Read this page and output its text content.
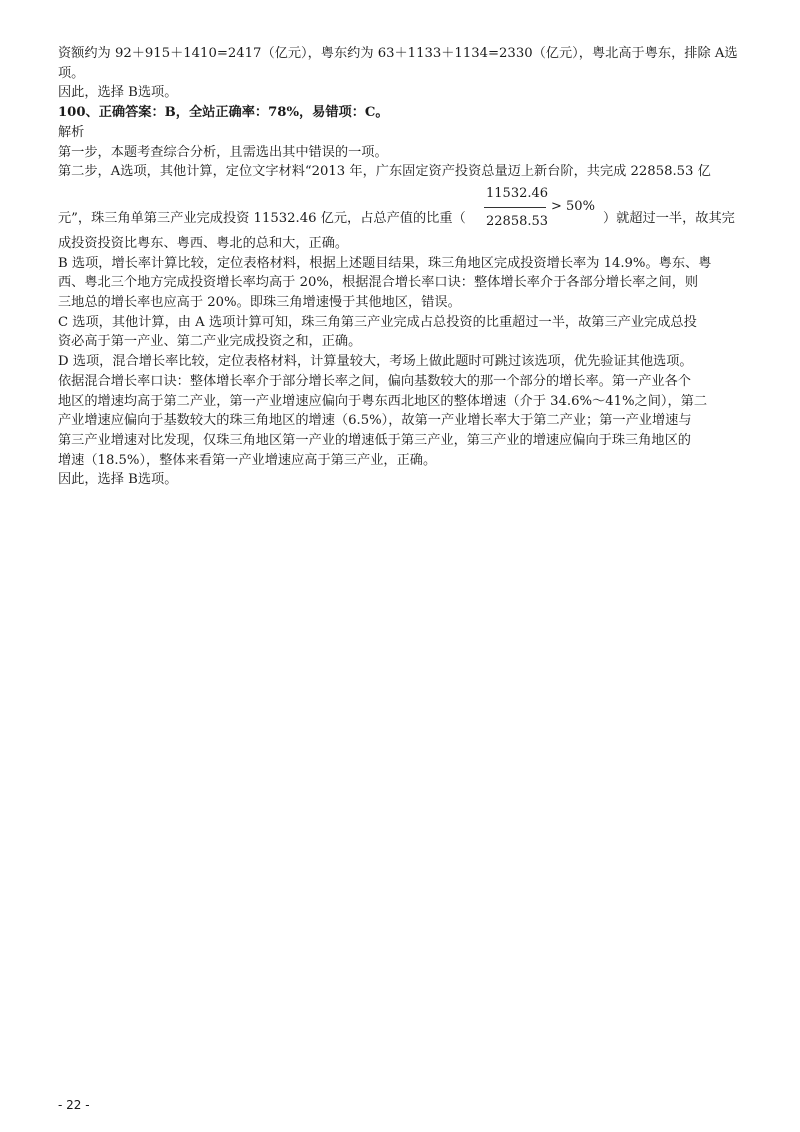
资额约为 92＋915＋1410=2417（亿元），粤东约为 63＋1133＋1134=2330（亿元），粤北高于粤东，排除 A选
项。
因此，选择 B选项。
100、正确答案：B，全站正确率：78%，易错项：C。
解析
第一步，本题考查综合分析，且需选出其中错误的一项。
第二步，A选项，其他计算，定位文字材料“2013 年，广东固定资产投资总量迈上新台阶，共完成 22858.53 亿
元”，珠三角单第三产业完成投资 11532.46 亿元，占总产值的比重（
11532.46
22858.53
> 50%
）就超过一半，故其完
成投资投资比粤东、粤西、粤北的总和大，正确。
B 选项，增长率计算比较，定位表格材料，根据上述题目结果，珠三角地区完成投资增长率为 14.9%。粤东、粤
西、粤北三个地方完成投资增长率均高于 20%，根据混合增长率口诀：整体增长率介于各部分增长率之间，则
三地总的增长率也应高于 20%。即珠三角增速慢于其他地区，错误。
C 选项，其他计算，由 A 选项计算可知，珠三角第三产业完成占总投资的比重超过一半，故第三产业完成总投
资必高于第一产业、第二产业完成投资之和，正确。
D 选项，混合增长率比较，定位表格材料，计算量较大，考场上做此题时可跳过该选项，优先验证其他选项。
依据混合增长率口诀：整体增长率介于部分增长率之间，偏向基数较大的那一个部分的增长率。第一产业各个
地区的增速均高于第二产业，第一产业增速应偏向于粤东西北地区的整体增速（介于 34.6%～41%之间），第二
产业增速应偏向于基数较大的珠三角地区的增速（6.5%），故第一产业增长率大于第二产业；第一产业增速与
第三产业增速对比发现，仅珠三角地区第一产业的增速低于第三产业，第三产业的增速应偏向于珠三角地区的
增速（18.5%），整体来看第一产业增速应高于第三产业，正确。
因此，选择 B选项。
- 22 -
